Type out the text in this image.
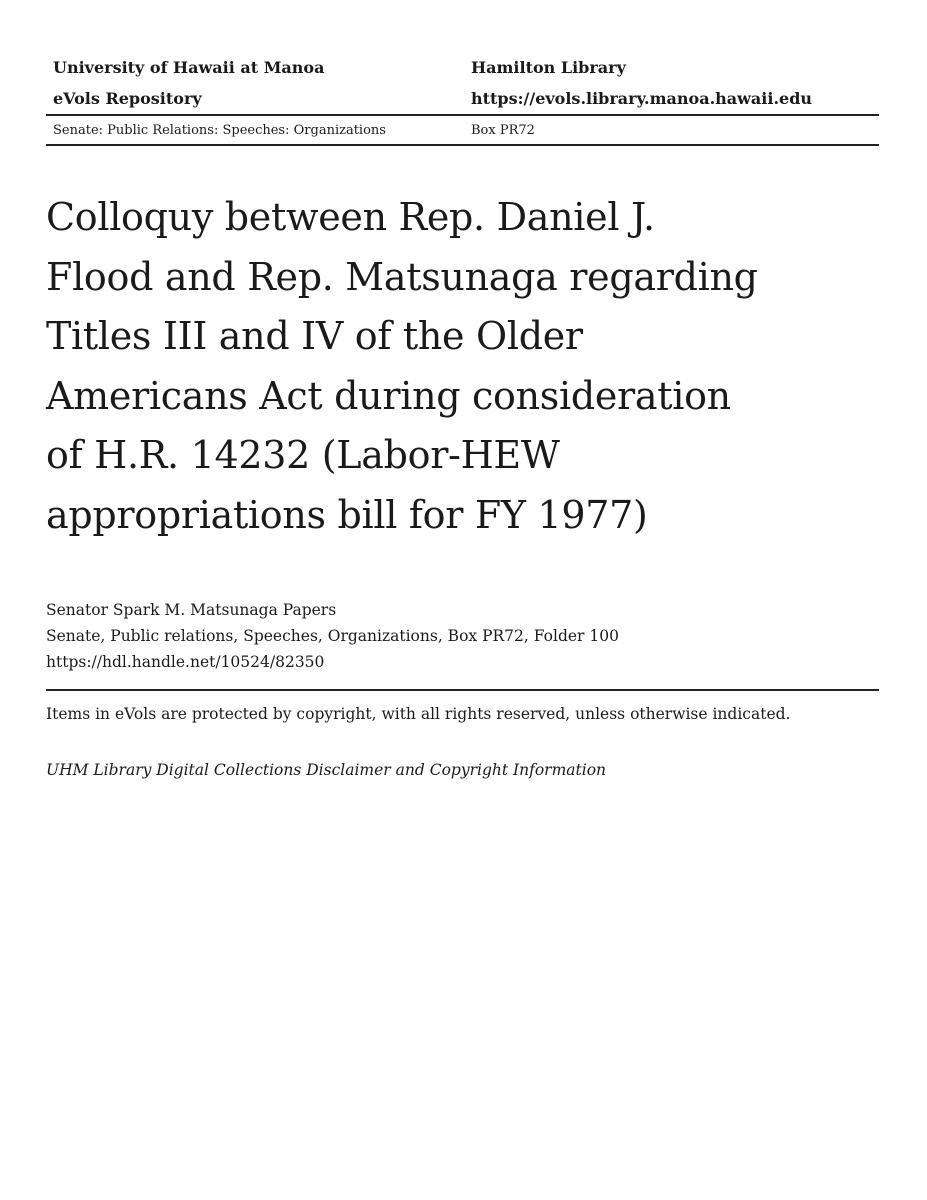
University of Hawaii at Manoa	Hamilton Library
eVols Repository	https://evols.library.manoa.hawaii.edu
Senate: Public Relations: Speeches: Organizations	Box PR72
Colloquy between Rep. Daniel J.
Flood and Rep. Matsunaga regarding
Titles III and IV of the Older
Americans Act during consideration
of H.R. 14232 (Labor-HEW
appropriations bill for FY 1977)
Senator Spark M. Matsunaga Papers
Senate, Public relations, Speeches, Organizations, Box PR72, Folder 100
https://hdl.handle.net/10524/82350
Items in eVols are protected by copyright, with all rights reserved, unless otherwise indicated.
UHM Library Digital Collections Disclaimer and Copyright Information
